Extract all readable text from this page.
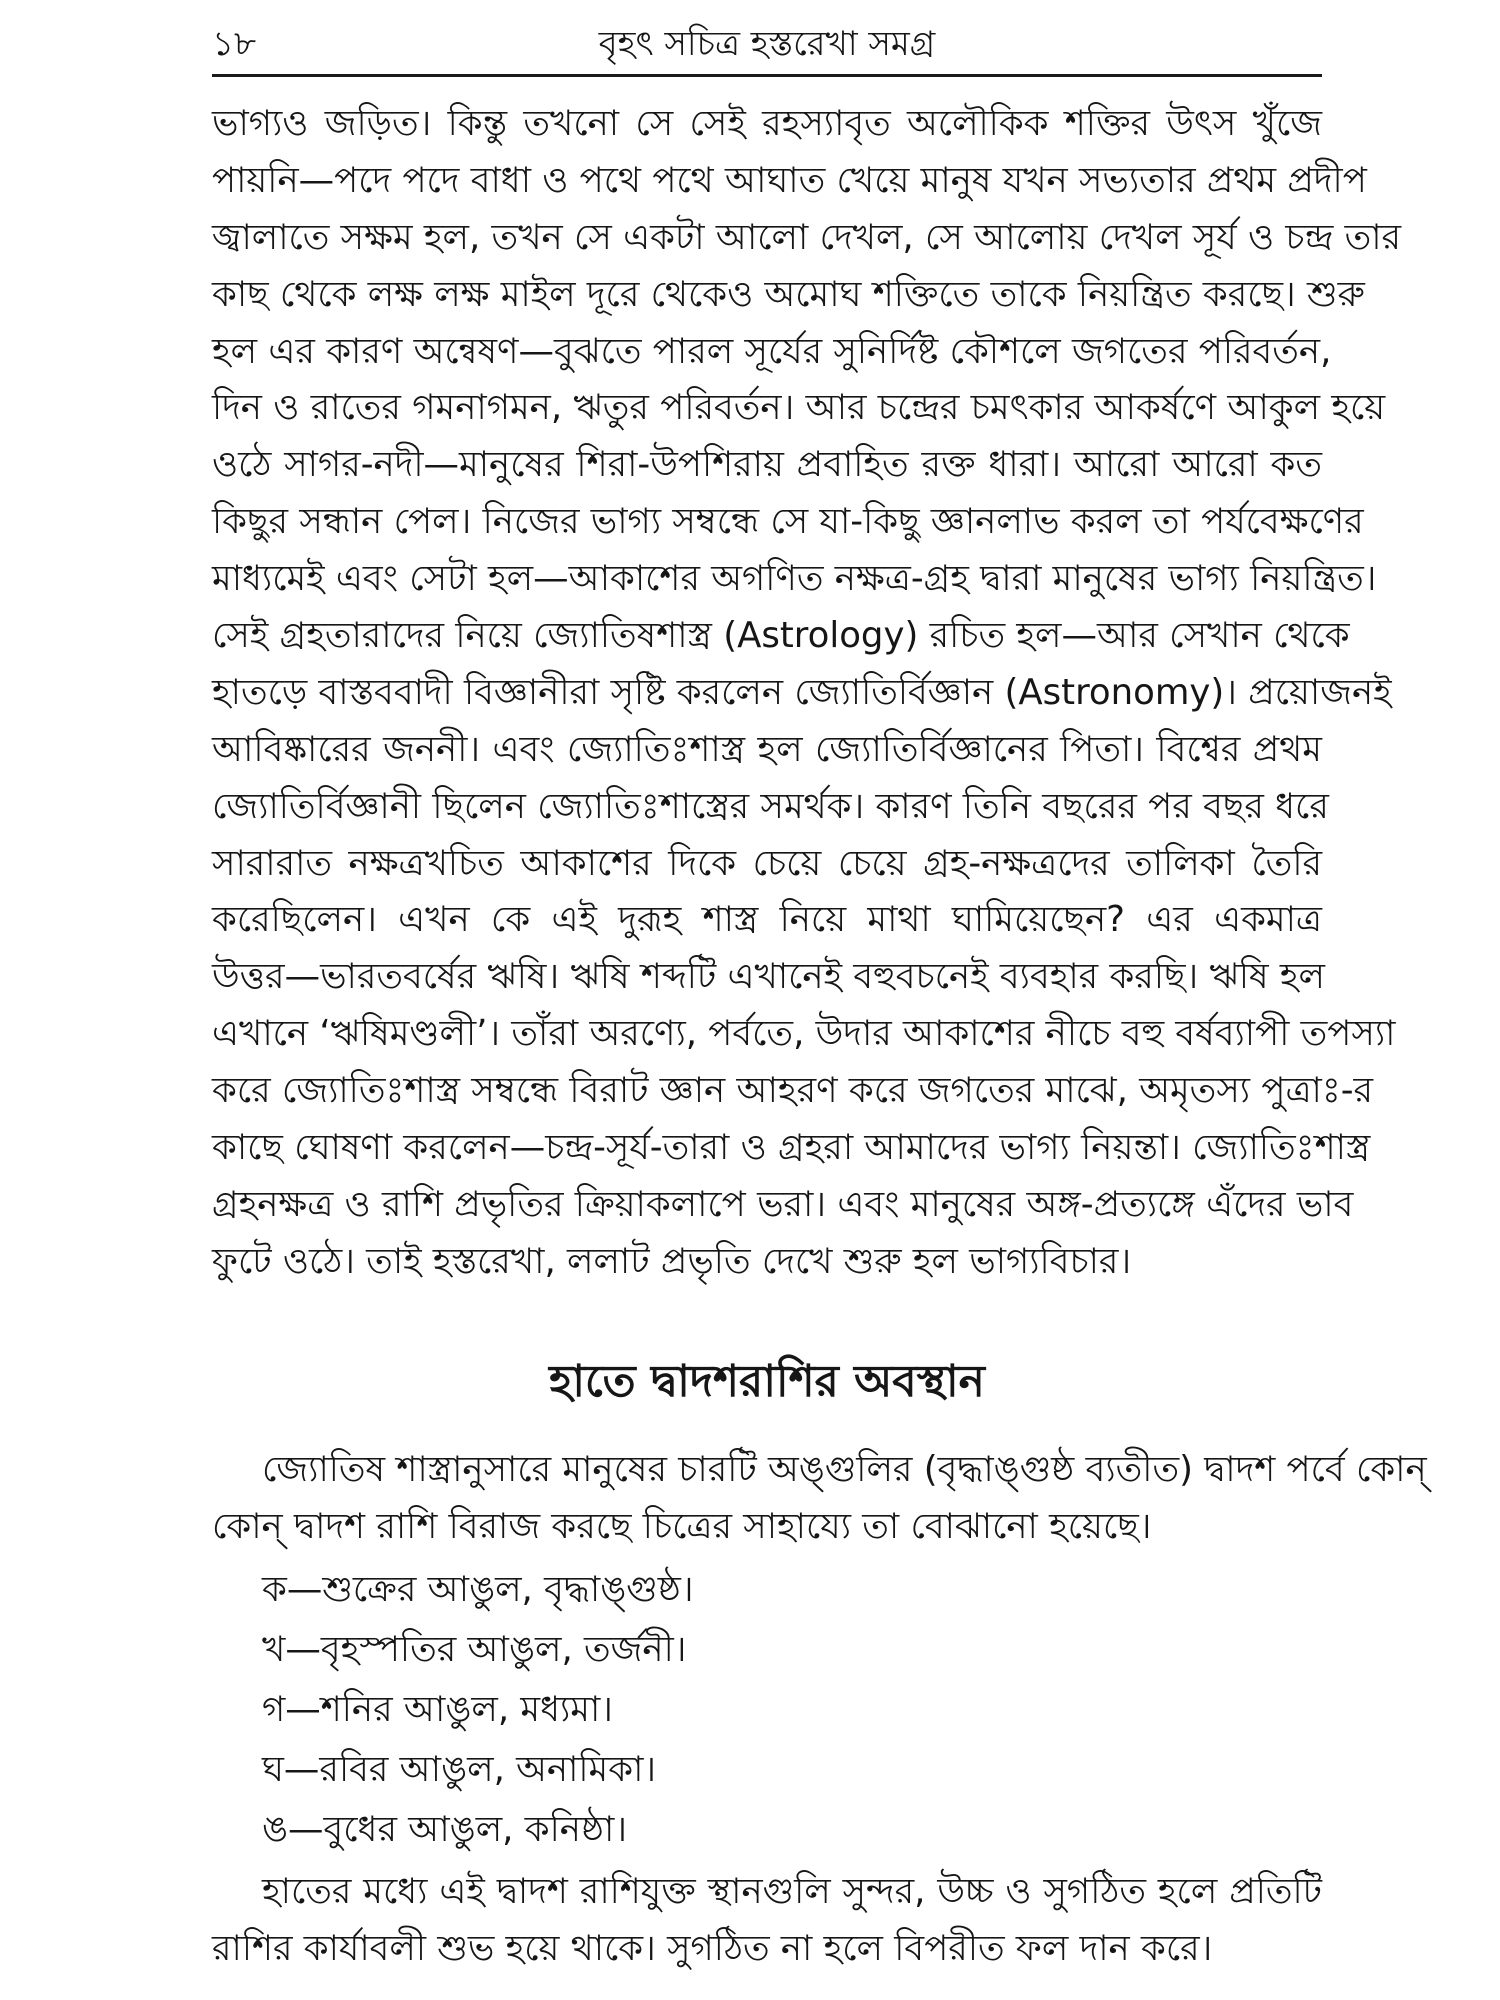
১৮	বৃহৎ সচিত্র হস্তরেখা সমগ্র
ভাগ্যও জড়িত। কিন্তু তখনো সে সেই রহস্যাবৃত অলৌকিক শক্তির উৎস খুঁজে
পায়নি—পদে পদে বাধা ও পথে পথে আঘাত খেয়ে মানুষ যখন সভ্যতার প্রথম প্রদীপ
জ্বালাতে সক্ষম হল, তখন সে একটা আলো দেখল, সে আলোয় দেখল সূর্য ও চন্দ্র তার
কাছ থেকে লক্ষ লক্ষ মাইল দূরে থেকেও অমোঘ শক্তিতে তাকে নিয়ন্ত্রিত করছে। শুরু
হল এর কারণ অন্বেষণ—বুঝতে পারল সূর্যের সুনির্দিষ্ট কৌশলে জগতের পরিবর্তন,
দিন ও রাতের গমনাগমন, ঋতুর পরিবর্তন। আর চন্দ্রের চমৎকার আকর্ষণে আকুল হয়ে
ওঠে সাগর-নদী—মানুষের শিরা-উপশিরায় প্রবাহিত রক্ত ধারা। আরো আরো কত
কিছুর সন্ধান পেল। নিজের ভাগ্য সম্বন্ধে সে যা-কিছু জ্ঞানলাভ করল তা পর্যবেক্ষণের
মাধ্যমেই এবং সেটা হল—আকাশের অগণিত নক্ষত্র-গ্রহ দ্বারা মানুষের ভাগ্য নিয়ন্ত্রিত।
সেই গ্রহতারাদের নিয়ে জ্যোতিষশাস্ত্র (Astrology) রচিত হল—আর সেখান থেকে
হাতড়ে বাস্তববাদী বিজ্ঞানীরা সৃষ্টি করলেন জ্যোতির্বিজ্ঞান (Astronomy)। প্রয়োজনই
আবিষ্কারের জননী। এবং জ্যোতিঃশাস্ত্র হল জ্যোতির্বিজ্ঞানের পিতা। বিশ্বের প্রথম
জ্যোতির্বিজ্ঞানী ছিলেন জ্যোতিঃশাস্ত্রের সমর্থক। কারণ তিনি বছরের পর বছর ধরে
সারারাত নক্ষত্রখচিত আকাশের দিকে চেয়ে চেয়ে গ্রহ-নক্ষত্রদের তালিকা তৈরি
করেছিলেন। এখন কে এই দুরূহ শাস্ত্র নিয়ে মাথা ঘামিয়েছেন? এর একমাত্র
উত্তর—ভারতবর্ষের ঋষি। ঋষি শব্দটি এখানেই বহুবচনেই ব্যবহার করছি। ঋষি হল
এখানে ‘ঋষিমণ্ডলী’। তাঁরা অরণ্যে, পর্বতে, উদার আকাশের নীচে বহু বর্ষব্যাপী তপস্যা
করে জ্যোতিঃশাস্ত্র সম্বন্ধে বিরাট জ্ঞান আহরণ করে জগতের মাঝে, অমৃতস্য পুত্রাঃ-র
কাছে ঘোষণা করলেন—চন্দ্র-সূর্য-তারা ও গ্রহরা আমাদের ভাগ্য নিয়ন্তা। জ্যোতিঃশাস্ত্র
গ্রহনক্ষত্র ও রাশি প্রভৃতির ক্রিয়াকলাপে ভরা। এবং মানুষের অঙ্গ-প্রত্যঙ্গে এঁদের ভাব
ফুটে ওঠে। তাই হস্তরেখা, ললাট প্রভৃতি দেখে শুরু হল ভাগ্যবিচার।
হাতে দ্বাদশরাশির অবস্থান
জ্যোতিষ শাস্ত্রানুসারে মানুষের চারটি অঙ্গুলির (বৃদ্ধাঙ্গুষ্ঠ ব্যতীত) দ্বাদশ পর্বে কোন্
কোন্ দ্বাদশ রাশি বিরাজ করছে চিত্রের সাহায্যে তা বোঝানো হয়েছে।
ক—শুক্রের আঙুল, বৃদ্ধাঙ্গুষ্ঠ।
খ—বৃহস্পতির আঙুল, তর্জনী।
গ—শনির আঙুল, মধ্যমা।
ঘ—রবির আঙুল, অনামিকা।
ঙ—বুধের আঙুল, কনিষ্ঠা।
হাতের মধ্যে এই দ্বাদশ রাশিযুক্ত স্থানগুলি সুন্দর, উচ্চ ও সুগঠিত হলে প্রতিটি
রাশির কার্যাবলী শুভ হয়ে থাকে। সুগঠিত না হলে বিপরীত ফল দান করে।
